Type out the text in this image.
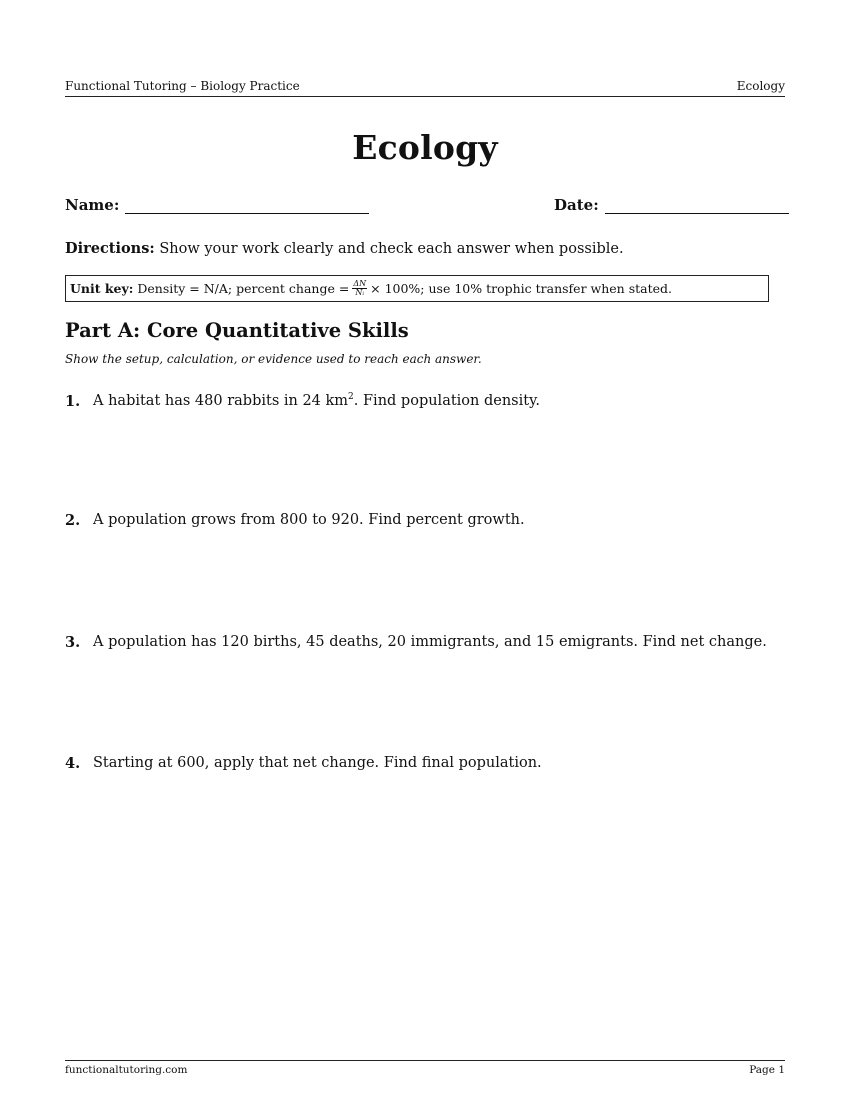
Functional Tutoring – Biology Practice	Ecology
Ecology
Name:	Date:
Directions: Show your work clearly and check each answer when possible.
Unit key: Density = N/A; percent change = $\frac{\Delta N}{\text{Nᵢ}} \times 100\%$; use 10% trophic transfer when stated.
Part A: Core Quantitative Skills
Show the setup, calculation, or evidence used to reach each answer.
1. A habitat has 480 rabbits in 24 $km^2$. Find population density.
2. A population grows from 800 to 920. Find percent growth.
3. A population has 120 births, 45 deaths, 20 immigrants, and 15 emigrants. Find net change.
4. Starting at 600, apply that net change. Find final population.
functionaltutoring.com	Page 1
